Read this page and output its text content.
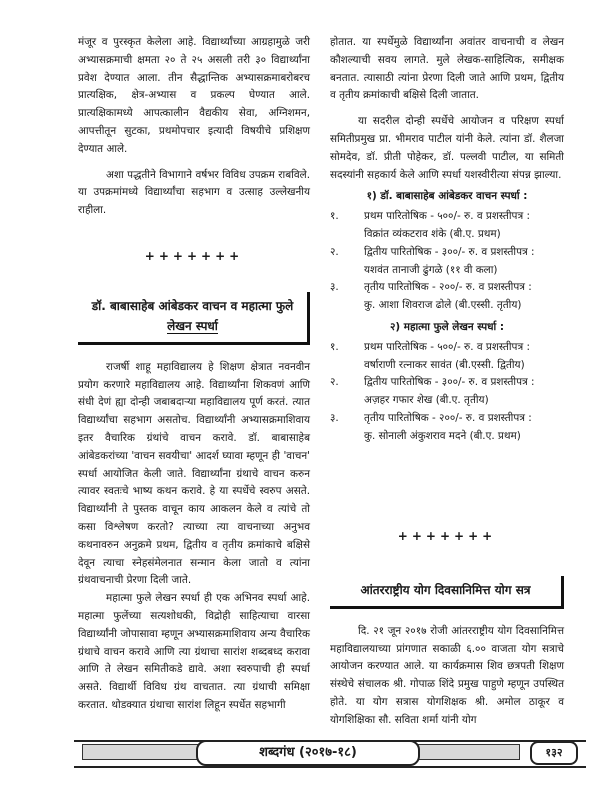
मंजूर व पुरस्कृत केलेला आहे. विद्यार्थ्यांच्या आग्रहामुळे जरी अभ्यासक्रमाची क्षमता २० ते २५ असली तरी ३० विद्यार्थ्यांना प्रवेश देण्यात आला. तीन सैद्धान्तिक अभ्यासक्रमाबरोबरच प्रात्यक्षिक, क्षेत्र-अभ्यास व प्रकल्प घेण्यात आले. प्रात्यक्षिकामध्ये आपत्कालीन वैद्यकीय सेवा, अग्निशमन, आपत्तीतून सुटका, प्रथमोपचार इत्यादी विषयीचे प्रशिक्षण देण्यात आले.

अशा पद्धतीने विभागाने वर्षभर विविध उपक्रम राबविले. या उपक्रमांमध्ये विद्यार्थ्यांचा सहभाग व उत्साह उल्लेखनीय राहीला.

+++++++
डॉ. बाबासाहेब आंबेडकर वाचन व महात्मा फुले
लेखन स्पर्धा

राजर्षी शाहू महाविद्यालय हे शिक्षण क्षेत्रात नवनवीन प्रयोग करणारे महाविद्यालय आहे. विद्यार्थ्यांना शिकवणं आणि संधी देणं ह्या दोन्ही जबाबदाऱ्या महाविद्यालय पूर्ण करतं. त्यात विद्यार्थ्यांचा सहभाग असतोच. विद्यार्थ्यांनी अभ्यासक्रमाशिवाय इतर वैचारिक ग्रंथांचे वाचन करावे. डॉ. बाबासाहेब आंबेडकरांच्या 'वाचन सवयीचा' आदर्श घ्यावा म्हणून ही 'वाचन' स्पर्धा आयोजित केली जाते. विद्यार्थ्यांना ग्रंथाचे वाचन करुन त्यावर स्वतःचे भाष्य कथन करावे. हे या स्पर्धेचे स्वरुप असते. विद्यार्थ्यांनी ते पुस्तक वाचून काय आकलन केले व त्यांचे तो कसा विश्लेषण करतो? त्याच्या त्या वाचनाच्या अनुभव कथनावरुन अनुक्रमे प्रथम, द्वितीय व तृतीय क्रमांकाचे बक्षिसे देवून त्याचा स्नेहसंमेलनात सन्मान केला जातो व त्यांना ग्रंथवाचनाची प्रेरणा दिली जाते.

महात्मा फुले लेखन स्पर्धा ही एक अभिनव स्पर्धा आहे. महात्मा फुलेंच्या सत्यशोधकी, विद्रोही साहित्याचा वारसा विद्यार्थ्यांनी जोपासावा म्हणून अभ्यासक्रमाशिवाय अन्य वैचारिक ग्रंथाचे वाचन करावे आणि त्या ग्रंथाचा सारांश शब्दबध्द करावा आणि ते लेखन समितीकडे द्यावे. अशा स्वरुपाची ही स्पर्धा असते. विद्यार्थी विविध ग्रंथ वाचतात. त्या ग्रंथाची समिक्षा करतात. थोडक्यात ग्रंथाचा सारांश लिहून स्पर्धेत सहभागी

होतात. या स्पर्धेमुळे विद्यार्थ्यांना अवांतर वाचनाची व लेखन कौशल्याची सवय लागते. मुले लेखक-साहित्यिक, समीक्षक बनतात. त्यासाठी त्यांना प्रेरणा दिली जाते आणि प्रथम, द्वितीय व तृतीय क्रमांकाची बक्षिसे दिली जातात.

या सदरील दोन्ही स्पर्धेचे आयोजन व परिक्षण स्पर्धा समितीप्रमुख प्रा. भीमराव पाटील यांनी केले. त्यांना डॉ. शैलजा सोमदेव, डॉ. प्रीती पोहेकर, डॉ. पल्लवी पाटील, या समिती सदस्यांनी सहकार्य केले आणि स्पर्धा यशस्वीरीत्या संपन्न झाल्या.

१) डॉ. बाबासाहेब आंबेडकर वाचन स्पर्धा :
१.	प्रथम पारितोषिक - ५००/- रु. व प्रशस्तीपत्र :
विक्रांत व्यंकटराव शंके (बी.ए. प्रथम)
२.	द्वितीय पारितोषिक - ३००/- रु. व प्रशस्तीपत्र :
यशवंत तानाजी ढुंगळे (११ वी कला)
३.	तृतीय पारितोषिक - २००/- रु. व प्रशस्तीपत्र :
कु. आशा शिवराज ढोले (बी.एस्सी. तृतीय)
२) महात्मा फुले लेखन स्पर्धा :
१.	प्रथम पारितोषिक - ५००/- रु. व प्रशस्तीपत्र :
वर्षाराणी रत्नाकर सावंत (बी.एस्सी. द्वितीय)
२.	द्वितीय पारितोषिक - ३००/- रु. व प्रशस्तीपत्र :
अज़हर गफार शेख (बी.ए. तृतीय)
३.	तृतीय पारितोषिक - २००/- रु. व प्रशस्तीपत्र :
कु. सोनाली अंकुशराव मदने (बी.ए. प्रथम)
+++++++
आंतरराष्ट्रीय योग दिवसानिमित्त योग सत्र

दि. २१ जून २०१७ रोजी आंतरराष्ट्रीय योग दिवसानिमित्त महाविद्यालयाच्या प्रांगणात सकाळी ६.०० वाजता योग सत्राचे आयोजन करण्यात आले. या कार्यक्रमास शिव छत्रपती शिक्षण संस्थेचे संचालक श्री. गोपाळ शिंदे प्रमुख पाहुणे म्हणून उपस्थित होते. या योग सत्रास योगशिक्षक श्री. अमोल ठाकूर व योगशिक्षिका सौ. सविता शर्मा यांनी योग

शब्दगंध (२०१७-१८)	१३२
